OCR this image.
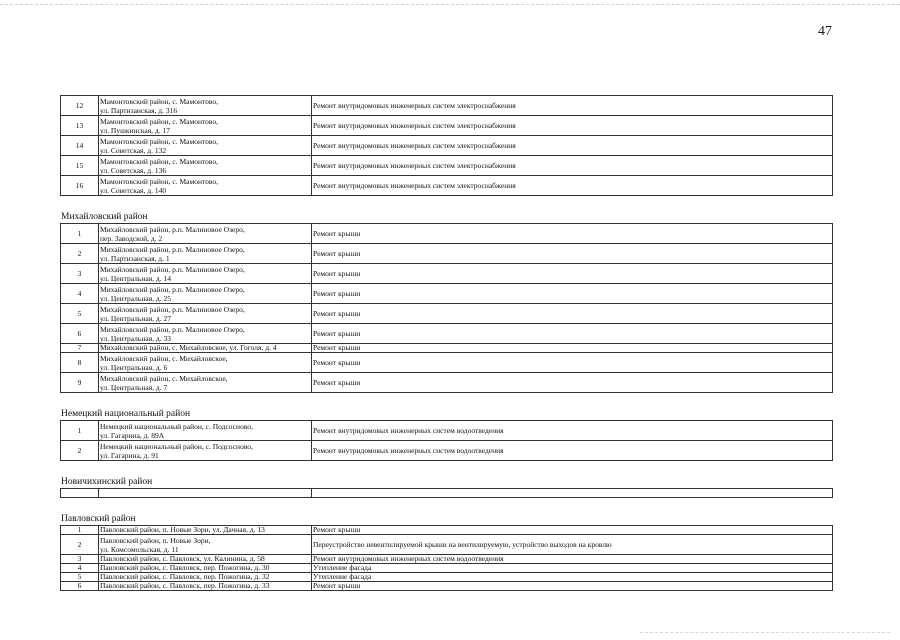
47
12	Мамонтовский район, с. Мамонтово,
ул. Партизанская, д. 316	Ремонт внутридомовых инженерных систем электроснабжения
13	Мамонтовский район, с. Мамонтово,
ул. Пушкинская, д. 17	Ремонт внутридомовых инженерных систем электроснабжения
14	Мамонтовский район, с. Мамонтово,
ул. Советская, д. 132	Ремонт внутридомовых инженерных систем электроснабжения
15	Мамонтовский район, с. Мамонтово,
ул. Советская, д. 136	Ремонт внутридомовых инженерных систем электроснабжения
16	Мамонтовский район, с. Мамонтово,
ул. Советская, д. 140	Ремонт внутридомовых инженерных систем электроснабжения
Михайловский район
1	Михайловский район, р.п. Малиновое Озеро,
пер. Заводской, д. 2	Ремонт крыши
2	Михайловский район, р.п. Малиновое Озеро,
ул. Партизанская, д. 1	Ремонт крыши
3	Михайловский район, р.п. Малиновое Озеро,
ул. Центральная, д. 14	Ремонт крыши
4	Михайловский район, р.п. Малиновое Озеро,
ул. Центральная, д. 25	Ремонт крыши
5	Михайловский район, р.п. Малиновое Озеро,
ул. Центральная, д. 27	Ремонт крыши
6	Михайловский район, р.п. Малиновое Озеро,
ул. Центральная, д. 33	Ремонт крыши
7	Михайловский район, с. Михайловское, ул. Гоголя, д. 4	Ремонт крыши
8	Михайловский район, с. Михайловское,
ул. Центральная, д. 6	Ремонт крыши
9	Михайловский район, с. Михайловское,
ул. Центральная, д. 7	Ремонт крыши
Немецкий национальный район
1	Немецкий национальный район, с. Подсосново,
ул. Гагарина, д. 89А	Ремонт внутридомовых инженерных систем водоотведения
2	Немецкий национальный район, с. Подсосново,
ул. Гагарина, д. 91	Ремонт внутридомовых инженерных систем водоотведения
Новичихинский район

Павловский район
1	Павловский район, п. Новые Зори, ул. Дачная, д. 13	Ремонт крыши
2	Павловский район, п. Новые Зори,
ул. Комсомольская, д. 11	Переустройство невентилируемой крыши на вентилируемую, устройство выходов на кровлю
3	Павловский район, с. Павловск, ул. Калинина, д. 58	Ремонт внутридомовых инженерных систем водоотведения
4	Павловский район, с. Павловск, пер. Пожогина, д. 30	Утепление фасада
5	Павловский район, с. Павловск, пер. Пожогина, д. 32	Утепление фасада
6	Павловский район, с. Павловск, пер. Пожогина, д. 33	Ремонт крыши
